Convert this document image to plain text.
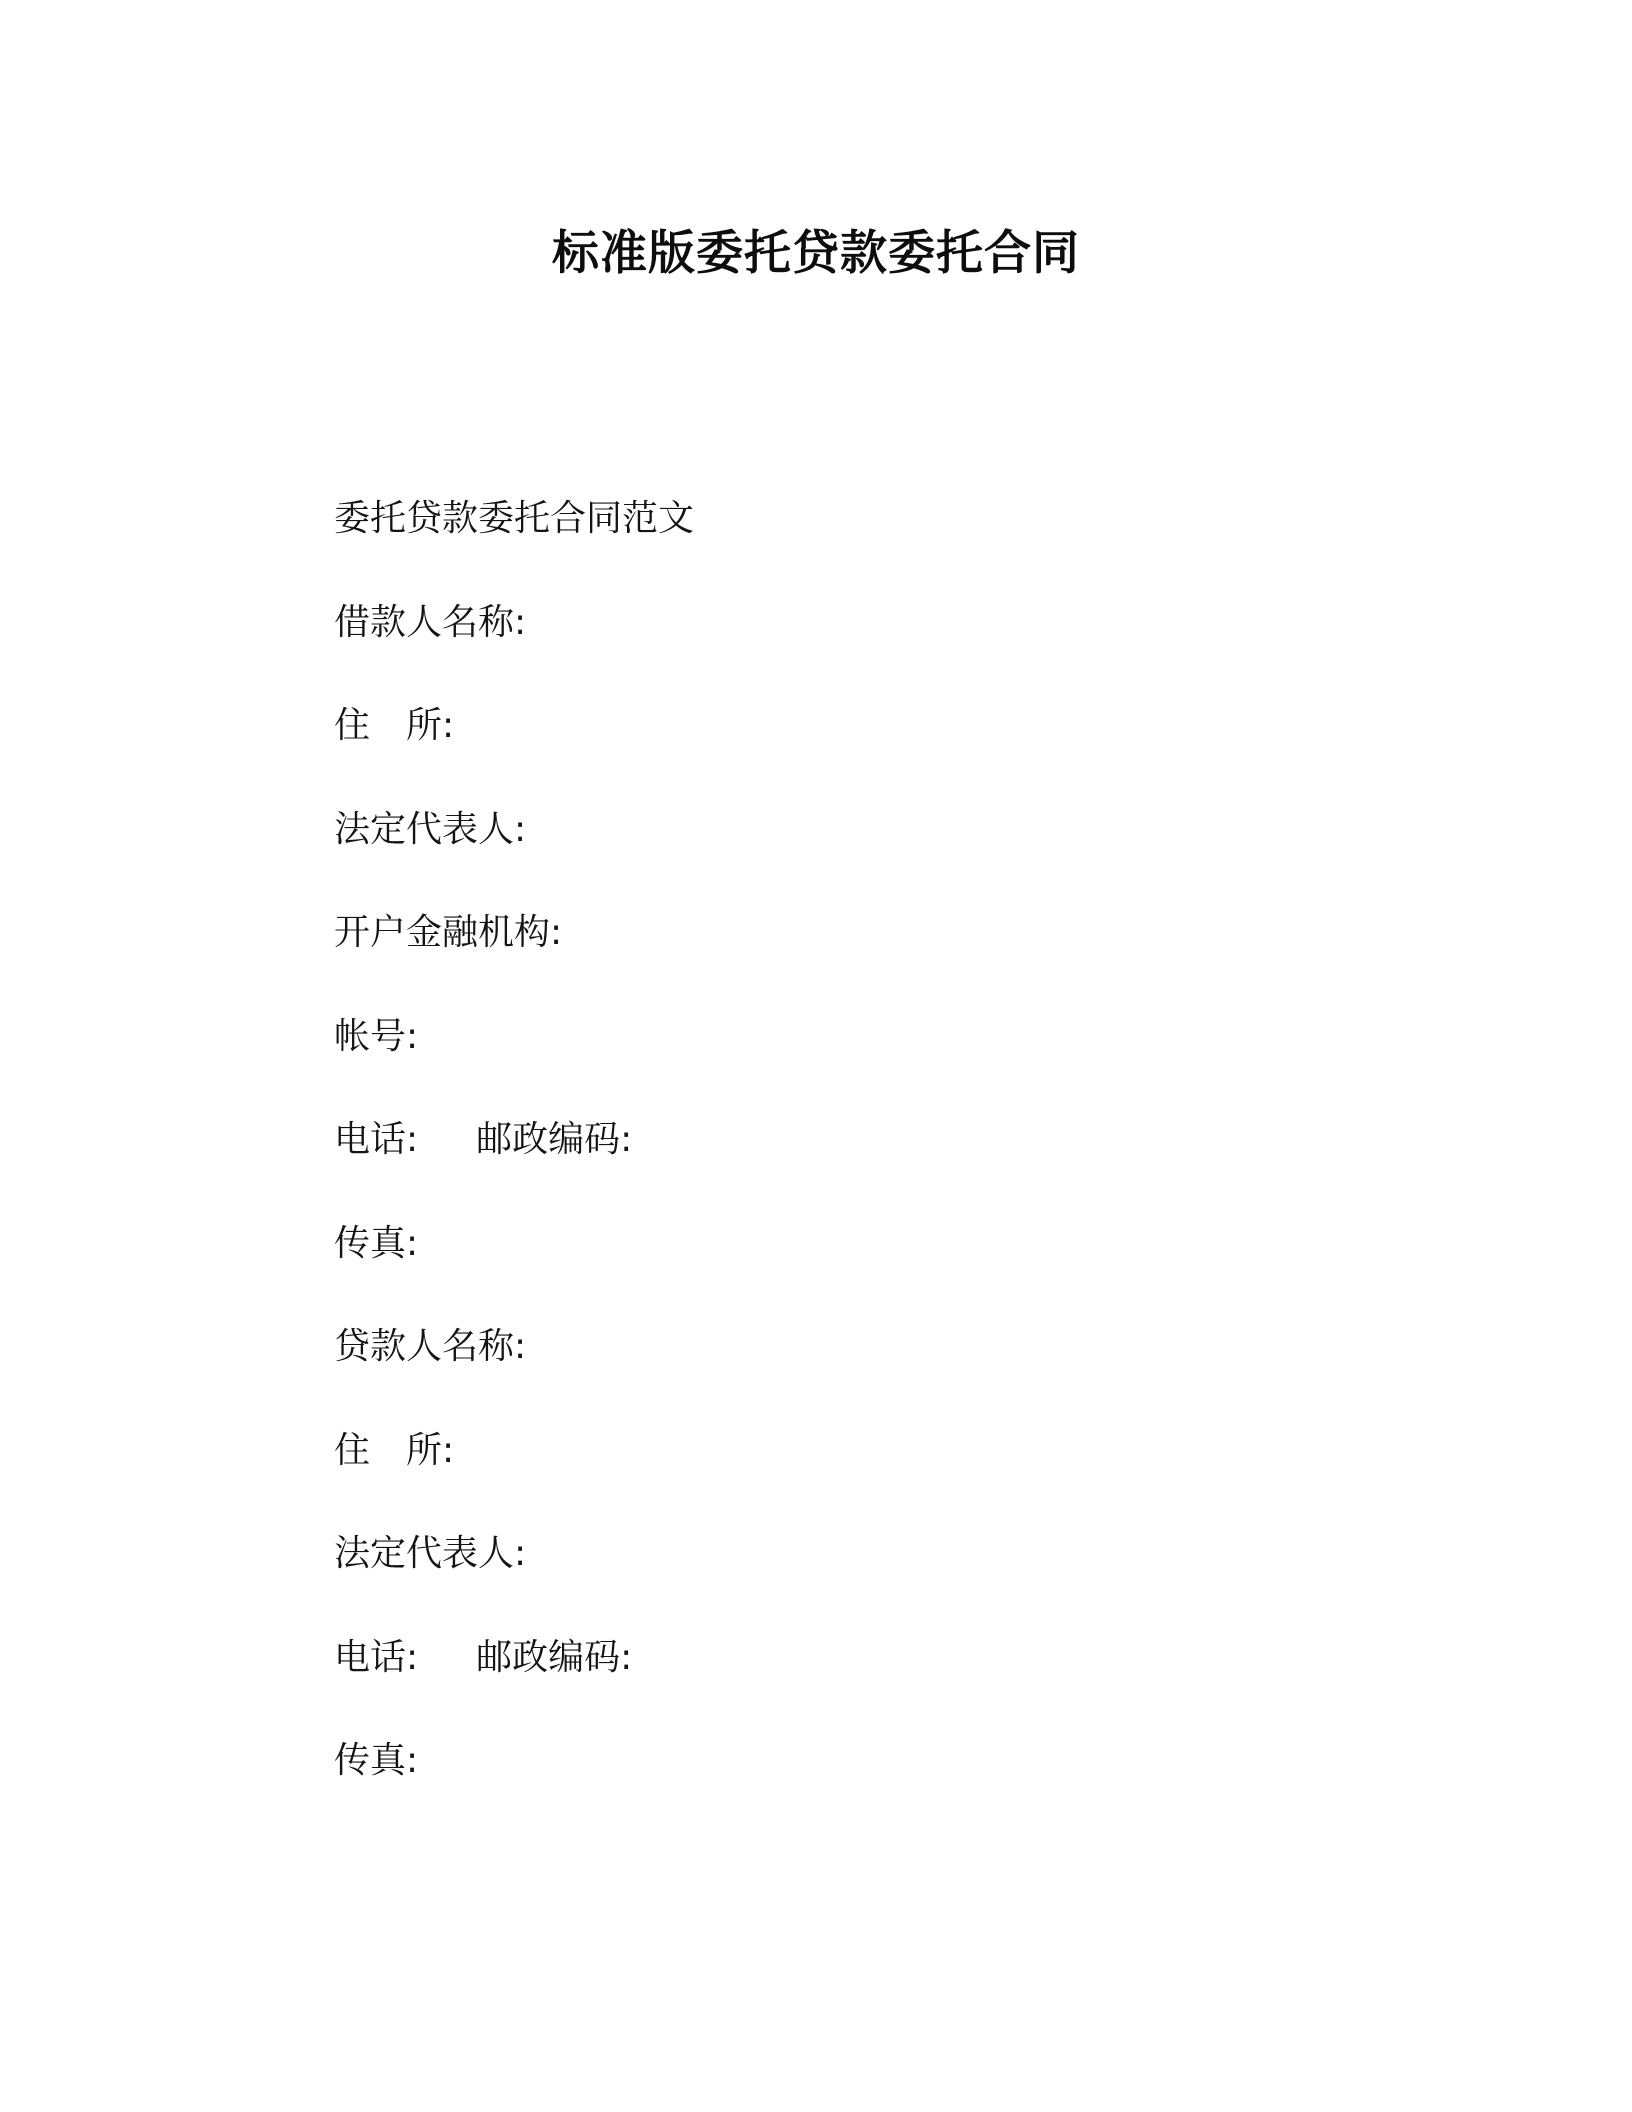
标准版委托贷款委托合同
委托贷款委托合同范文
借款人名称:
住 所:
法定代表人:
开户金融机构:
帐号:
电话: 邮政编码:
传真:
贷款人名称:
住 所:
法定代表人:
电话: 邮政编码:
传真:
